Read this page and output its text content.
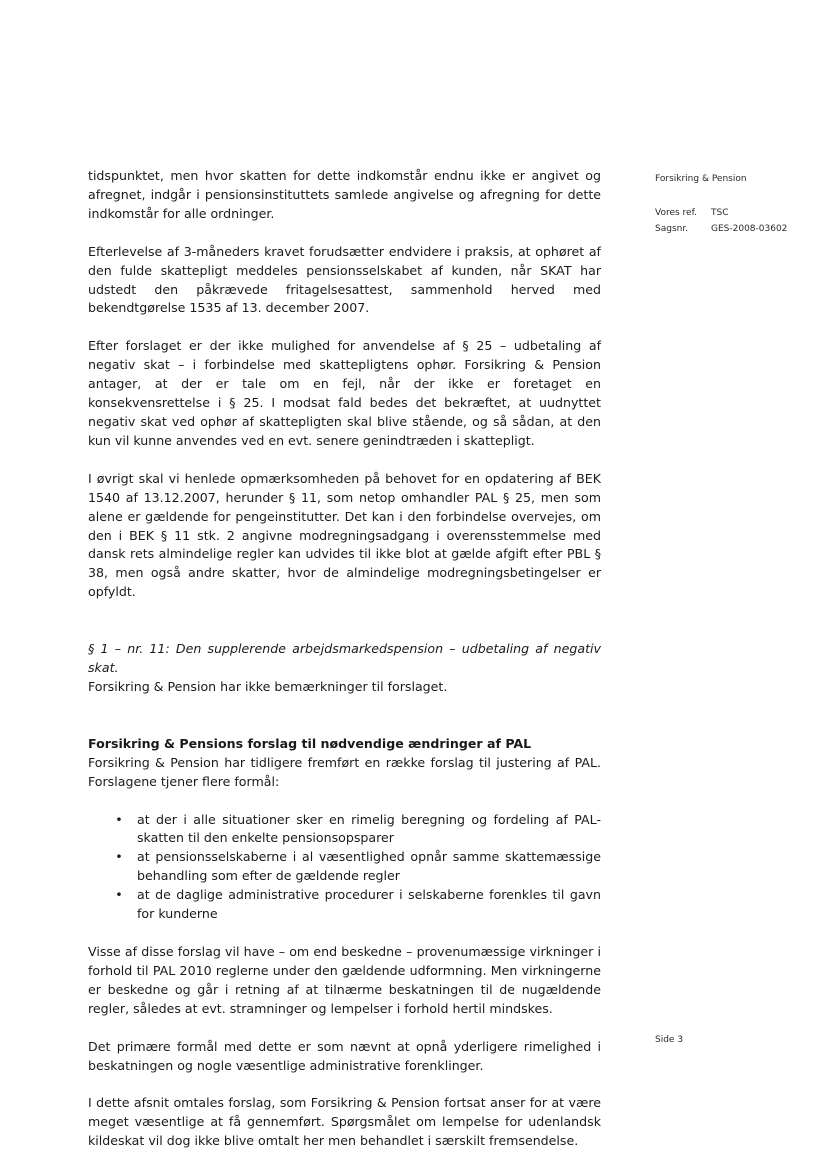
tidspunktet, men hvor skatten for dette indkomstår endnu ikke er angivet og afregnet, indgår i pensionsinstituttets samlede angivelse og afregning for dette indkomstår for alle ordninger.

Efterlevelse af 3-måneders kravet forudsætter endvidere i praksis, at ophøret af den fulde skattepligt meddeles pensionsselskabet af kunden, når SKAT har udstedt den påkrævede fritagelsesattest, sammenhold herved med bekendtgørelse 1535 af 13. december 2007.

Efter forslaget er der ikke mulighed for anvendelse af § 25 – udbetaling af negativ skat – i forbindelse med skattepligtens ophør. Forsikring & Pension antager, at der er tale om en fejl, når der ikke er foretaget en konsekvensrettelse i § 25. I modsat fald bedes det bekræftet, at uudnyttet negativ skat ved ophør af skattepligten skal blive stående, og så sådan, at den kun vil kunne anvendes ved en evt. senere genindtræden i skattepligt.

I øvrigt skal vi henlede opmærksomheden på behovet for en opdatering af BEK 1540 af 13.12.2007, herunder § 11, som netop omhandler PAL § 25, men som alene er gældende for pengeinstitutter. Det kan i den forbindelse overvejes, om den i BEK § 11 stk. 2 angivne modregningsadgang i overensstemmelse med dansk rets almindelige regler kan udvides til ikke blot at gælde afgift efter PBL § 38, men også andre skatter, hvor de almindelige modregningsbetingelser er opfyldt.

§ 1 – nr. 11: Den supplerende arbejdsmarkedspension – udbetaling af negativ skat.

Forsikring & Pension har ikke bemærkninger til forslaget.

Forsikring & Pensions forslag til nødvendige ændringer af PAL

Forsikring & Pension har tidligere fremført en række forslag til justering af PAL. Forslagene tjener flere formål:

• at der i alle situationer sker en rimelig beregning og fordeling af PAL-skatten til den enkelte pensionsopsparer
• at pensionsselskaberne i al væsentlighed opnår samme skattemæssige behandling som efter de gældende regler
• at de daglige administrative procedurer i selskaberne forenkles til gavn for kunderne

Visse af disse forslag vil have – om end beskedne – provenumæssige virkninger i forhold til PAL 2010 reglerne under den gældende udformning. Men virkningerne er beskedne og går i retning af at tilnærme beskatningen til de nugældende regler, således at evt. stramninger og lempelser i forhold hertil mindskes.

Det primære formål med dette er som nævnt at opnå yderligere rimelighed i beskatningen og nogle væsentlige administrative forenklinger.

I dette afsnit omtales forslag, som Forsikring & Pension fortsat anser for at være meget væsentlige at få gennemført. Spørgsmålet om lempelse for udenlandsk kildeskat vil dog ikke blive omtalt her men behandlet i særskilt fremsendelse.

Forsikring & Pension
Vores ref.	TSC
Sagsnr.	GES-2008-03602
Side 3
